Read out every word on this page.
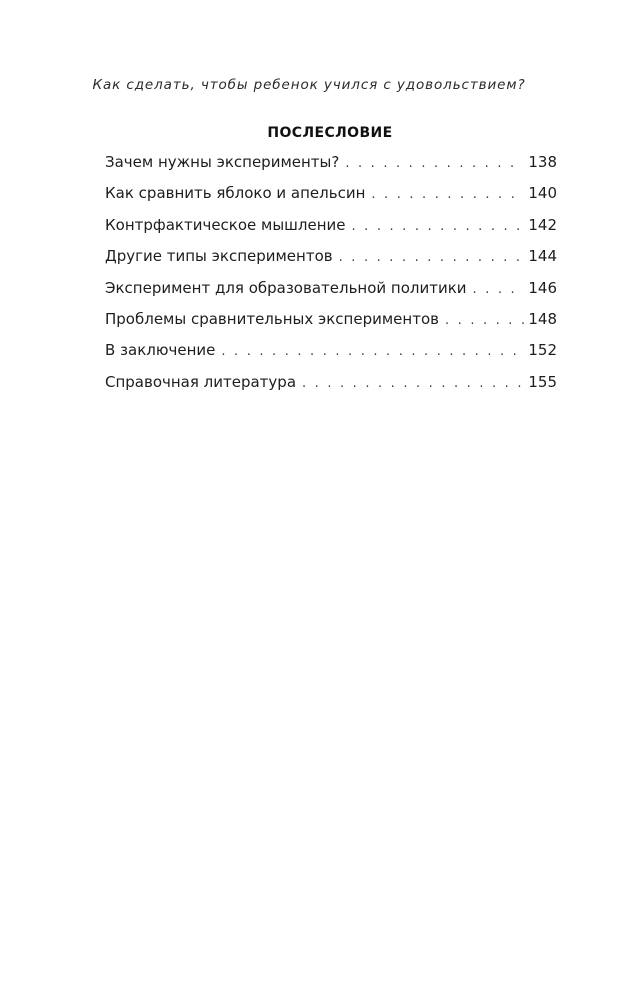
Как сделать, чтобы ребенок учился с удовольствием?
ПОСЛЕСЛОВИЕ
Зачем нужны эксперименты? . . .	138
Как сравнить яблоко и апельсин . . .	140
Контрфактическое мышление . . .	142
Другие типы экспериментов . . .	144
Эксперимент для образовательной политики . . .	146
Проблемы сравнительных экспериментов . . .	148
В заключение . . .	152
Справочная литература . . .	155
